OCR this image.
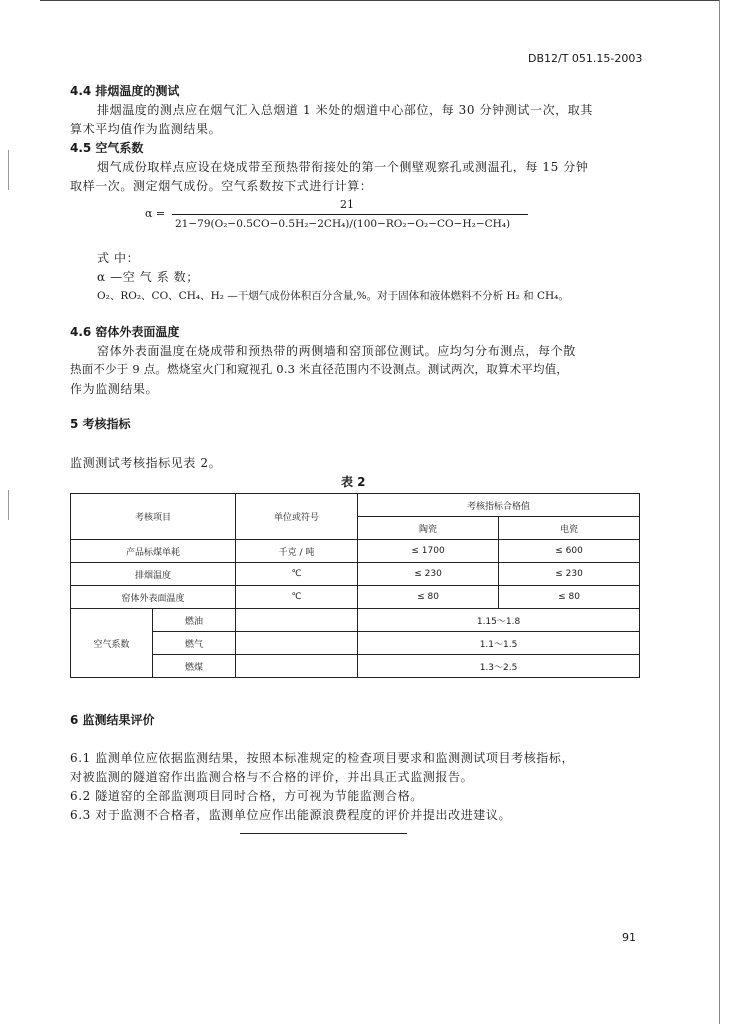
DB12/T 051.15-2003
4.4 排烟温度的测试
排烟温度的测点应在烟气汇入总烟道 1 米处的烟道中心部位，每 30 分钟测试一次，取其
算术平均值作为监测结果。
4.5 空气系数
烟气成份取样点应设在烧成带至预热带衔接处的第一个侧壁观察孔或测温孔，每 15 分钟
取样一次。测定烟气成份。空气系数按下式进行计算：
α =
21
21−79(O₂−0.5CO−0.5H₂−2CH₄)/(100−RO₂−O₂−CO−H₂−CH₄)
式 中：
α —空 气 系 数；
O₂、RO₂、CO、CH₄、H₂ —干烟气成份体积百分含量,%。对于固体和液体燃料不分析 H₂ 和 CH₄。
4.6 窑体外表面温度
窑体外表面温度在烧成带和预热带的两侧墙和窑顶部位测试。应均匀分布测点，每个散
热面不少于 9 点。燃烧室火门和窥视孔 0.3 米直径范围内不设测点。测试两次，取算术平均值，
作为监测结果。
5 考核指标
监测测试考核指标见表 2。
表 2
考核项目		单位或符号	考核指标合格值	
			陶瓷	电瓷
产品标煤单耗		千克 / 吨	≤ 1700	≤ 600
排烟温度		℃	≤ 230	≤ 230
窑体外表面温度		℃	≤ 80	≤ 80
空气系数	燃油		1.15～1.8	
	燃气		1.1～1.5	
	燃煤		1.3～2.5	
6 监测结果评价
6.1 监测单位应依据监测结果，按照本标准规定的检查项目要求和监测测试项目考核指标，
对被监测的隧道窑作出监测合格与不合格的评价，并出具正式监测报告。
6.2 隧道窑的全部监测项目同时合格，方可视为节能监测合格。
6.3 对于监测不合格者，监测单位应作出能源浪费程度的评价并提出改进建议。
91
